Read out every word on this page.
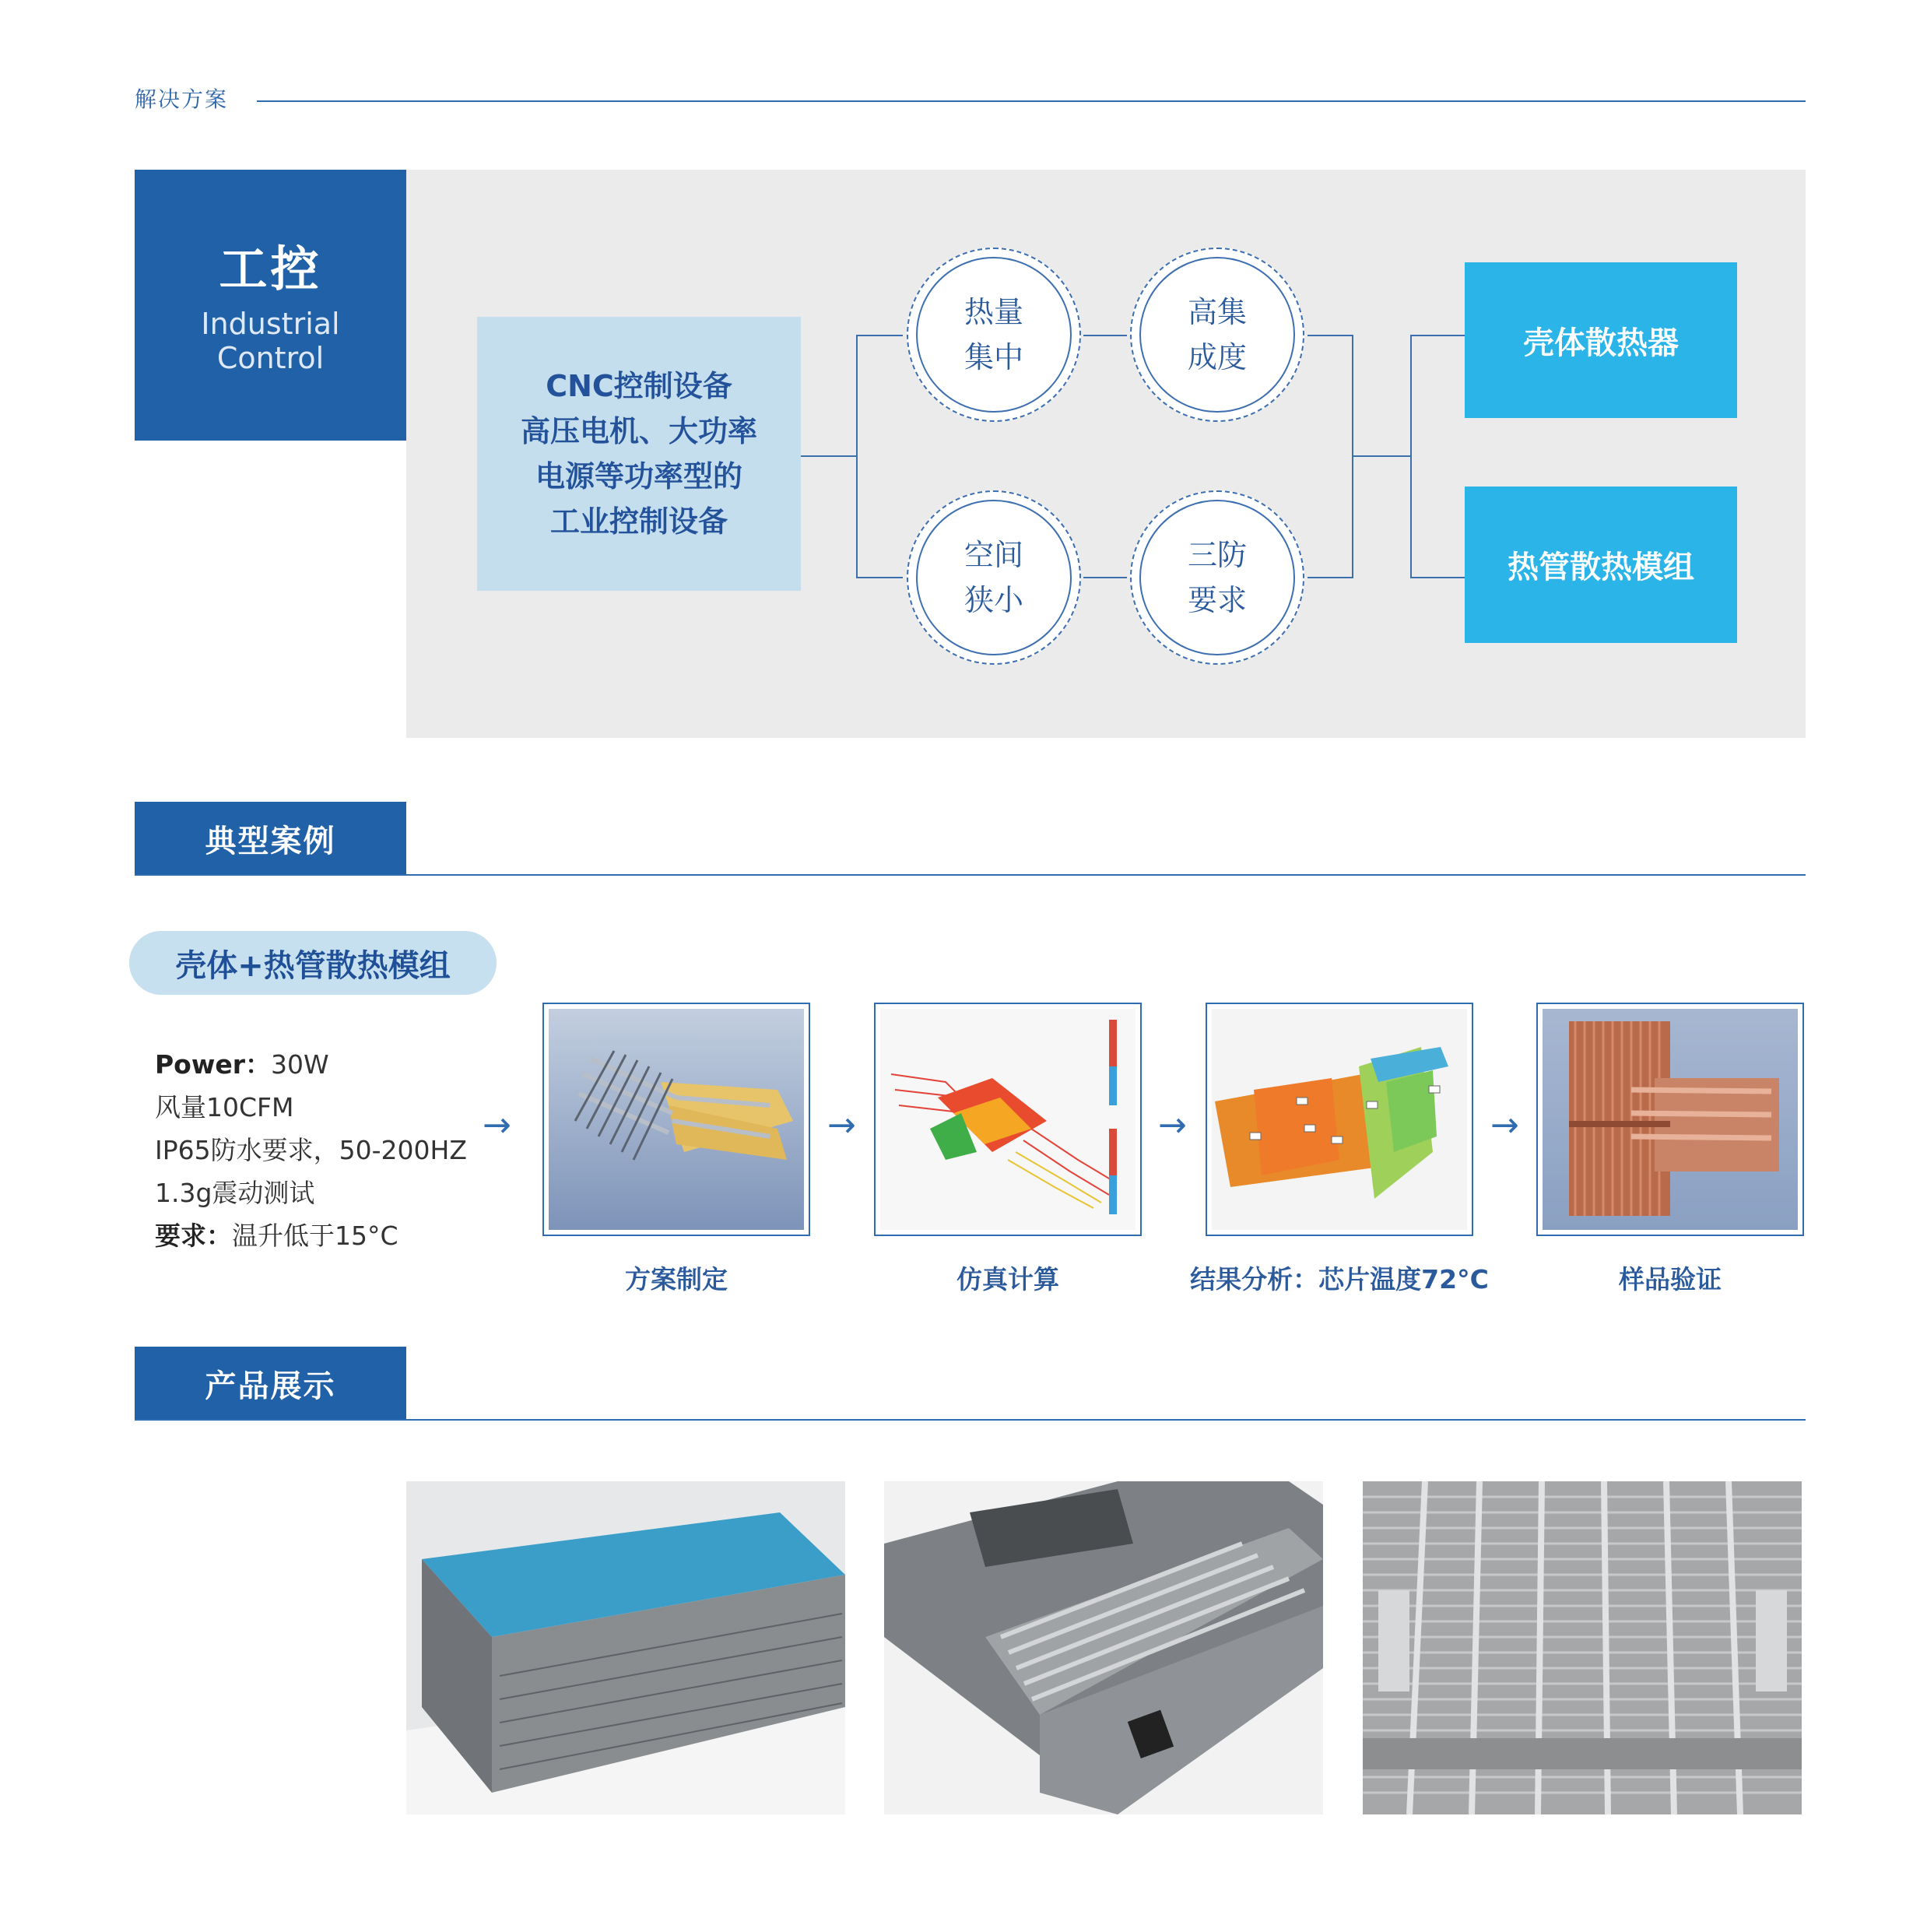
解决方案
工控
Industrial
Control
CNC控制设备
高压电机、大功率
电源等功率型的
工业控制设备
热量
集中
高集
成度
空间
狭小
三防
要求
壳体散热器
热管散热模组
典型案例
壳体+热管散热模组
Power：30W
风量10CFM
IP65防水要求，50-200HZ
1.3g震动测试
要求：温升低于15°C
→	→	→	→
方案制定	仿真计算	结果分析：芯片温度72°C	样品验证
产品展示
